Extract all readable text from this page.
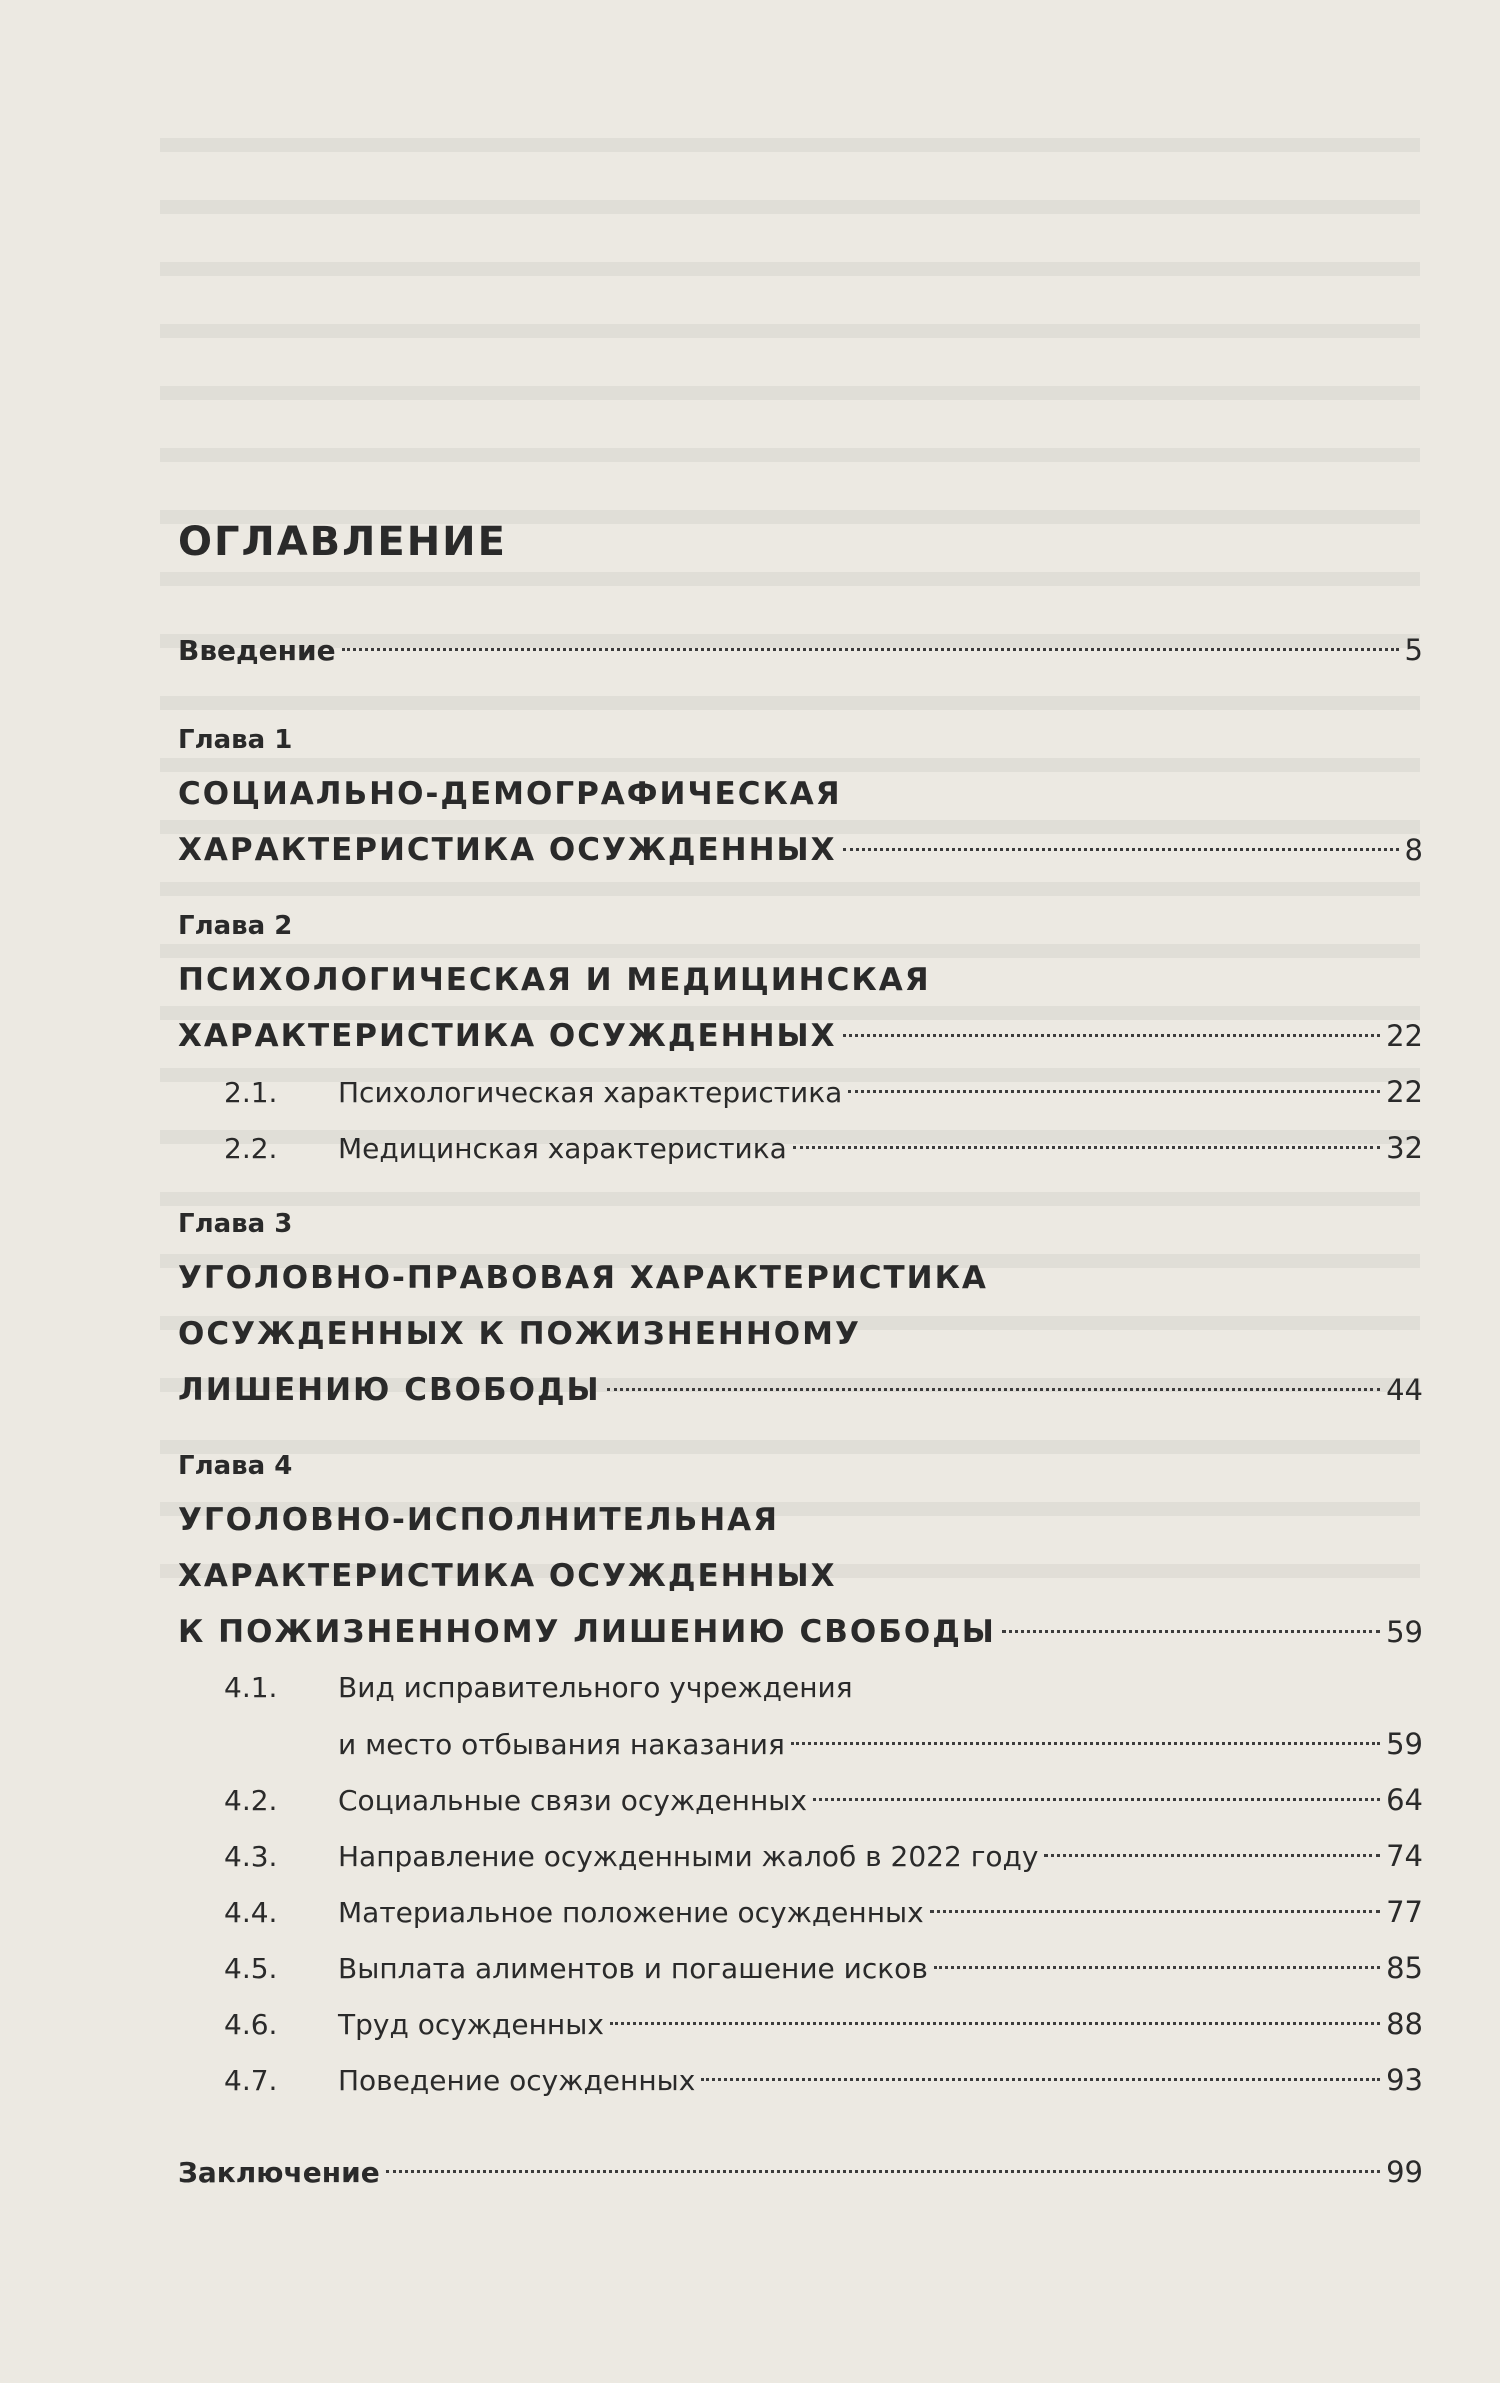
ОГЛАВЛЕНИЕ
Введение	5
Глава 1
СОЦИАЛЬНО-ДЕМОГРАФИЧЕСКАЯ
ХАРАКТЕРИСТИКА ОСУЖДЕННЫХ	8
Глава 2
ПСИХОЛОГИЧЕСКАЯ И МЕДИЦИНСКАЯ
ХАРАКТЕРИСТИКА ОСУЖДЕННЫХ	22
2.1. Психологическая характеристика	22
2.2. Медицинская характеристика	32
Глава 3
УГОЛОВНО-ПРАВОВАЯ ХАРАКТЕРИСТИКА
ОСУЖДЕННЫХ К ПОЖИЗНЕННОМУ
ЛИШЕНИЮ СВОБОДЫ	44
Глава 4
УГОЛОВНО-ИСПОЛНИТЕЛЬНАЯ
ХАРАКТЕРИСТИКА ОСУЖДЕННЫХ
К ПОЖИЗНЕННОМУ ЛИШЕНИЮ СВОБОДЫ	59
4.1. Вид исправительного учреждения
и место отбывания наказания	59
4.2. Социальные связи осужденных	64
4.3. Направление осужденными жалоб в 2022 году	74
4.4. Материальное положение осужденных	77
4.5. Выплата алиментов и погашение исков	85
4.6. Труд осужденных	88
4.7. Поведение осужденных	93
Заключение	99
